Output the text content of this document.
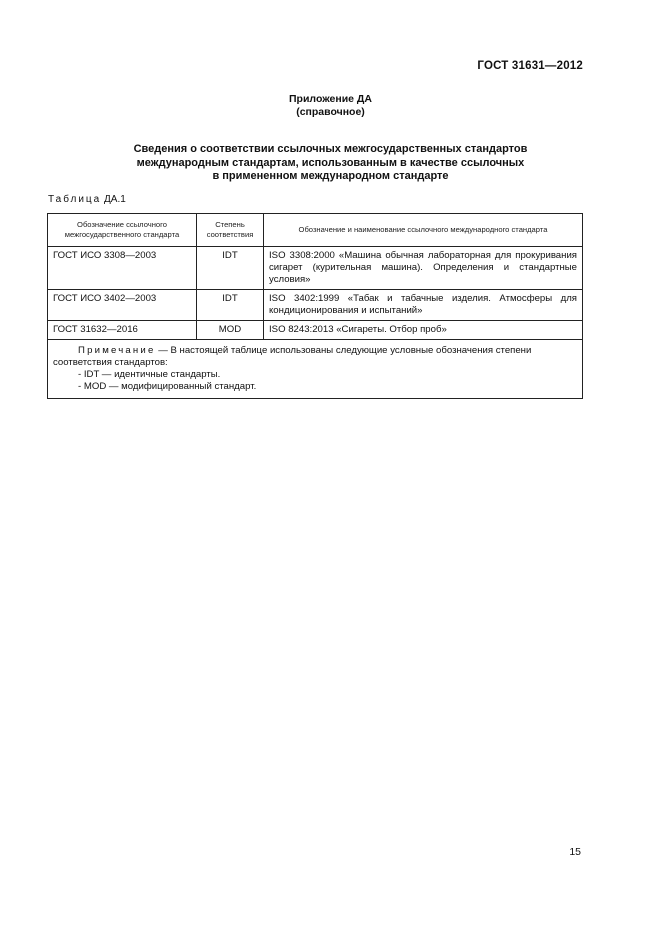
ГОСТ 31631—2012
Приложение ДА
(справочное)
Сведения о соответствии ссылочных межгосударственных стандартов
международным стандартам, использованным в качестве ссылочных
в примененном международном стандарте
Таблица ДА.1
Обозначение ссылочного межгосударственного стандарта	Степень соответствия	Обозначение и наименование ссылочного международного стандарта
ГОСТ ИСО 3308—2003	IDT	ISO 3308:2000 «Машина обычная лабораторная для прокуривания сигарет (курительная машина). Определения и стандартные условия»
ГОСТ ИСО 3402—2003	IDT	ISO 3402:1999 «Табак и табачные изделия. Атмосферы для кондиционирования и испытаний»
ГОСТ 31632—2016	MOD	ISO 8243:2013 «Сигареты. Отбор проб»
Примечание — В настоящей таблице использованы следующие условные обозначения степени соответствия стандартов:
- IDT — идентичные стандарты.
- MOD — модифицированный стандарт.		
15
